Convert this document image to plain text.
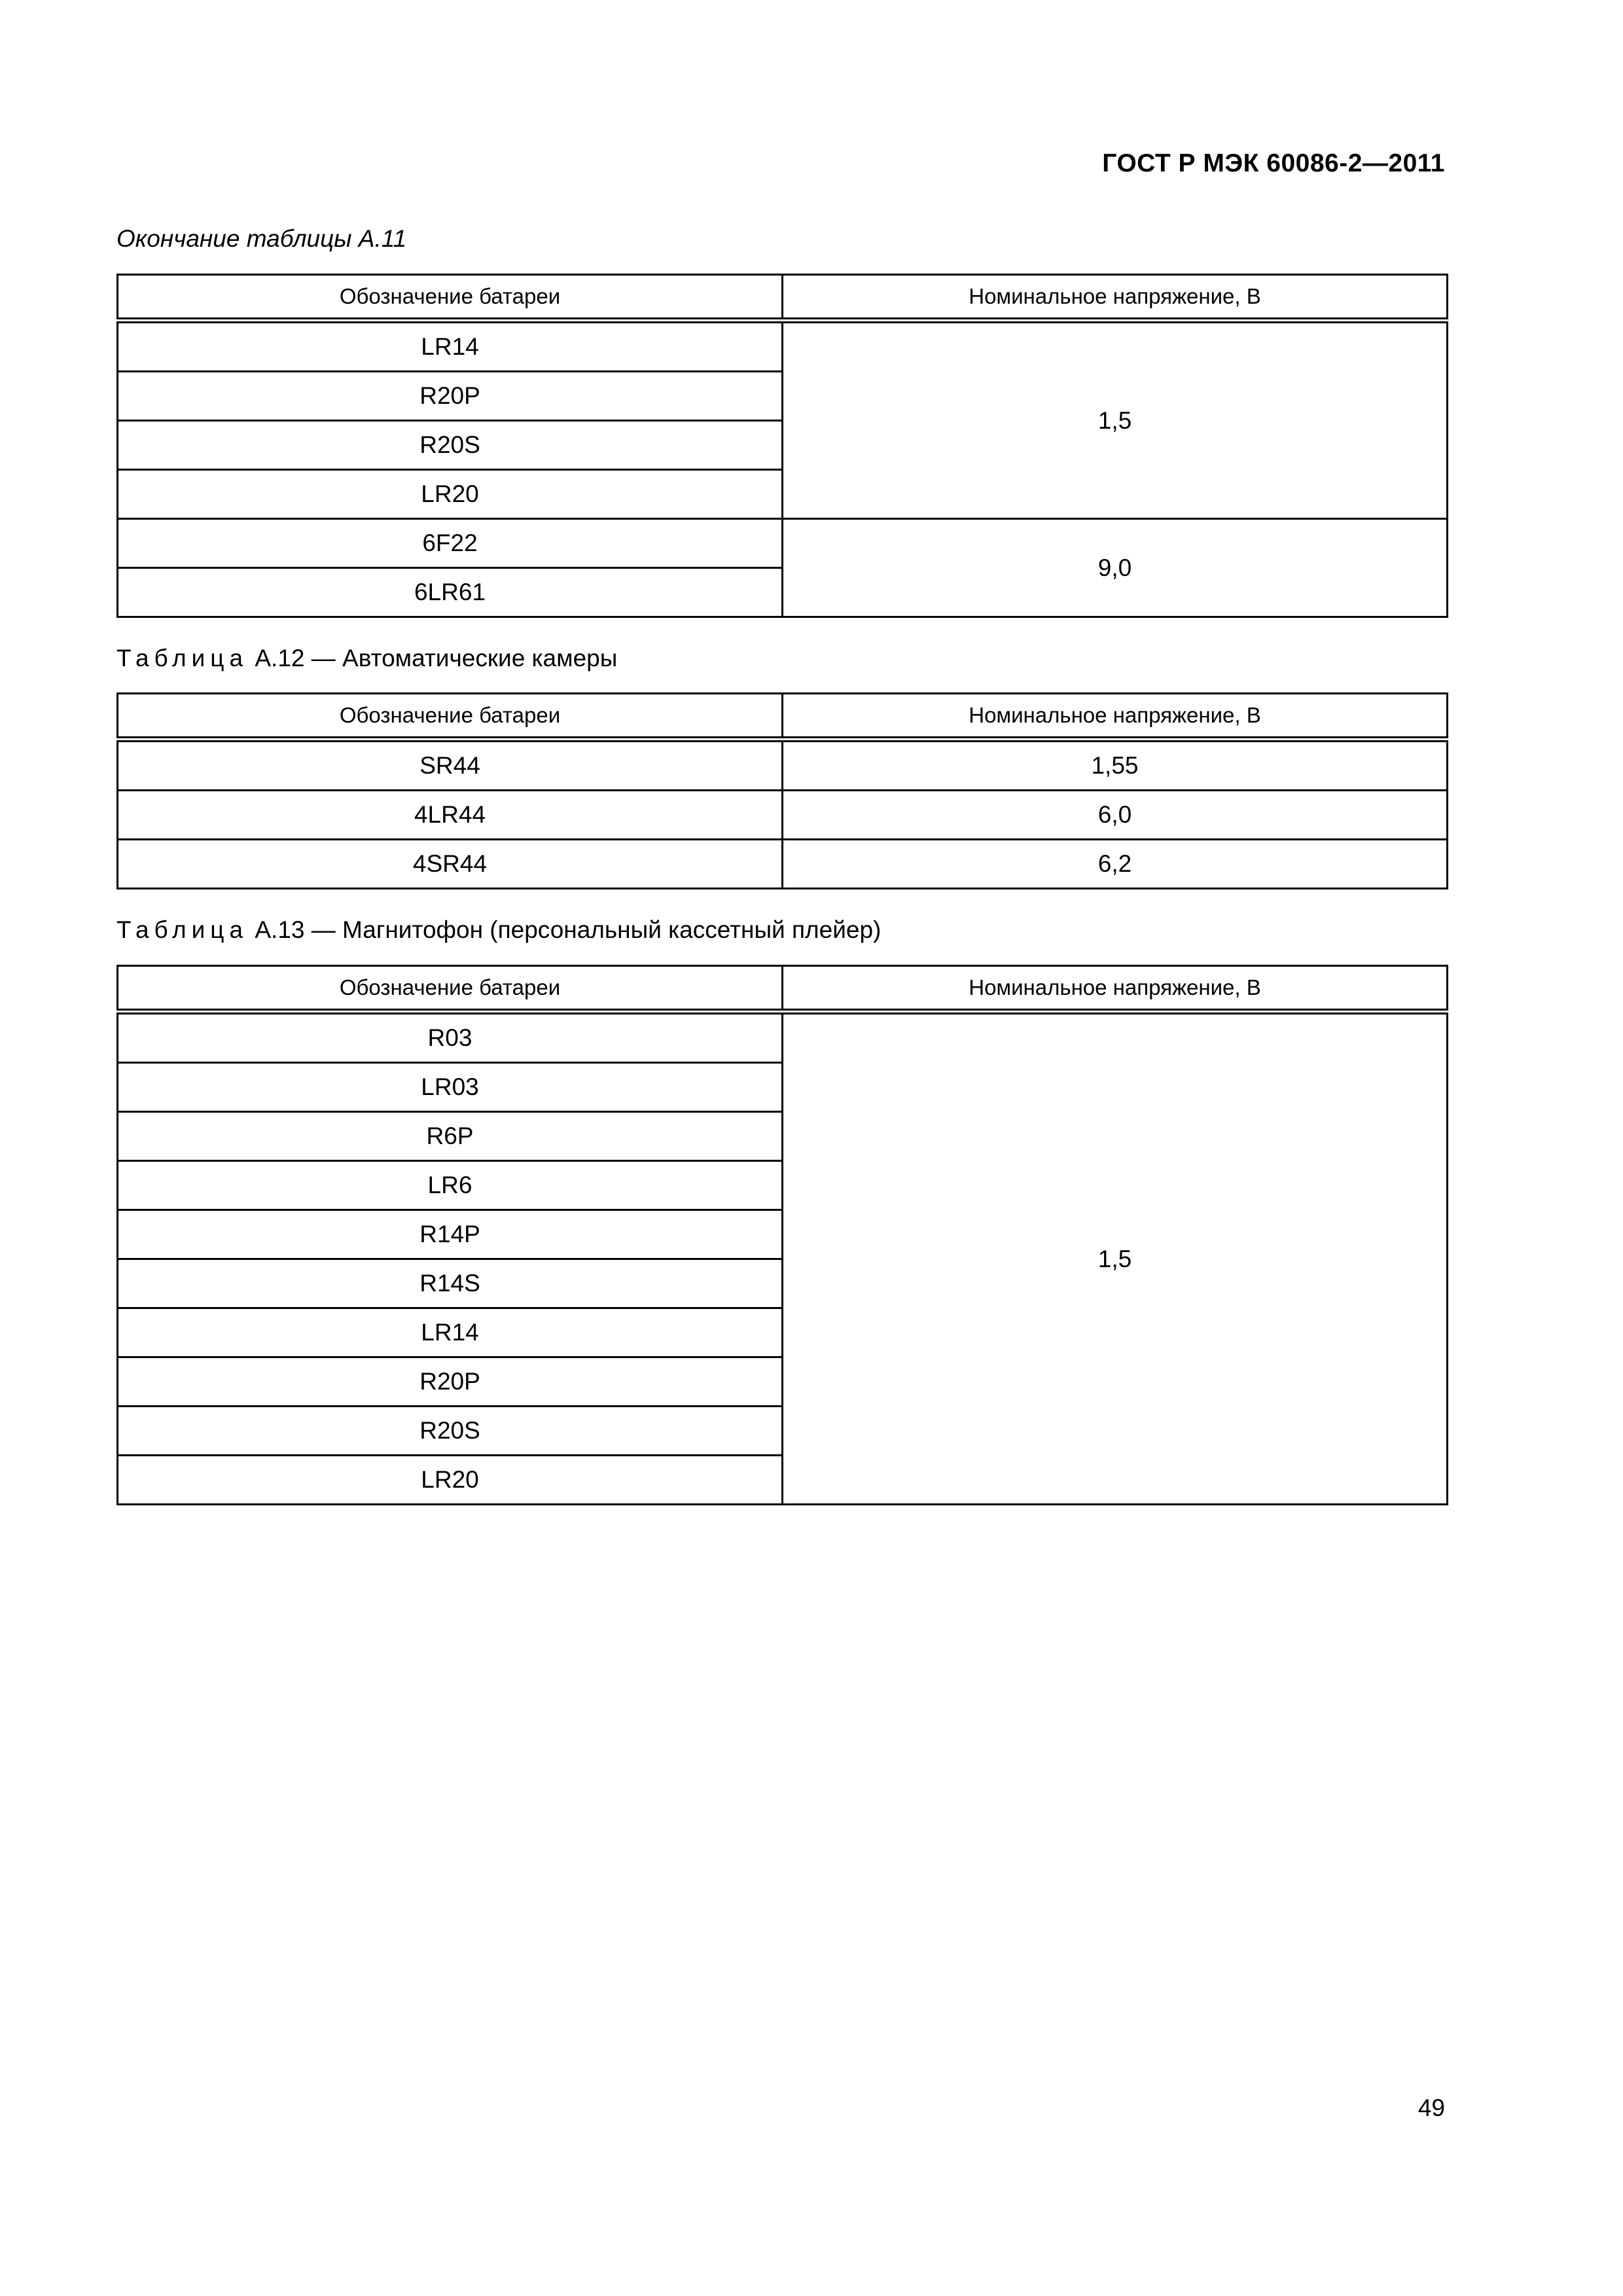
ГОСТ Р МЭК 60086-2—2011
Окончание таблицы А.11
Обозначение батареи	Номинальное напряжение, В
LR14	1,5
R20P	
R20S	
LR20	
6F22	9,0
6LR61	
Таблица А.12 — Автоматические камеры
Обозначение батареи	Номинальное напряжение, В
SR44	1,55
4LR44	6,0
4SR44	6,2
Таблица А.13 — Магнитофон (персональный кассетный плейер)
Обозначение батареи	Номинальное напряжение, В
R03	1,5
LR03	
R6P	
LR6	
R14P	
R14S	
LR14	
R20P	
R20S	
LR20	
49
